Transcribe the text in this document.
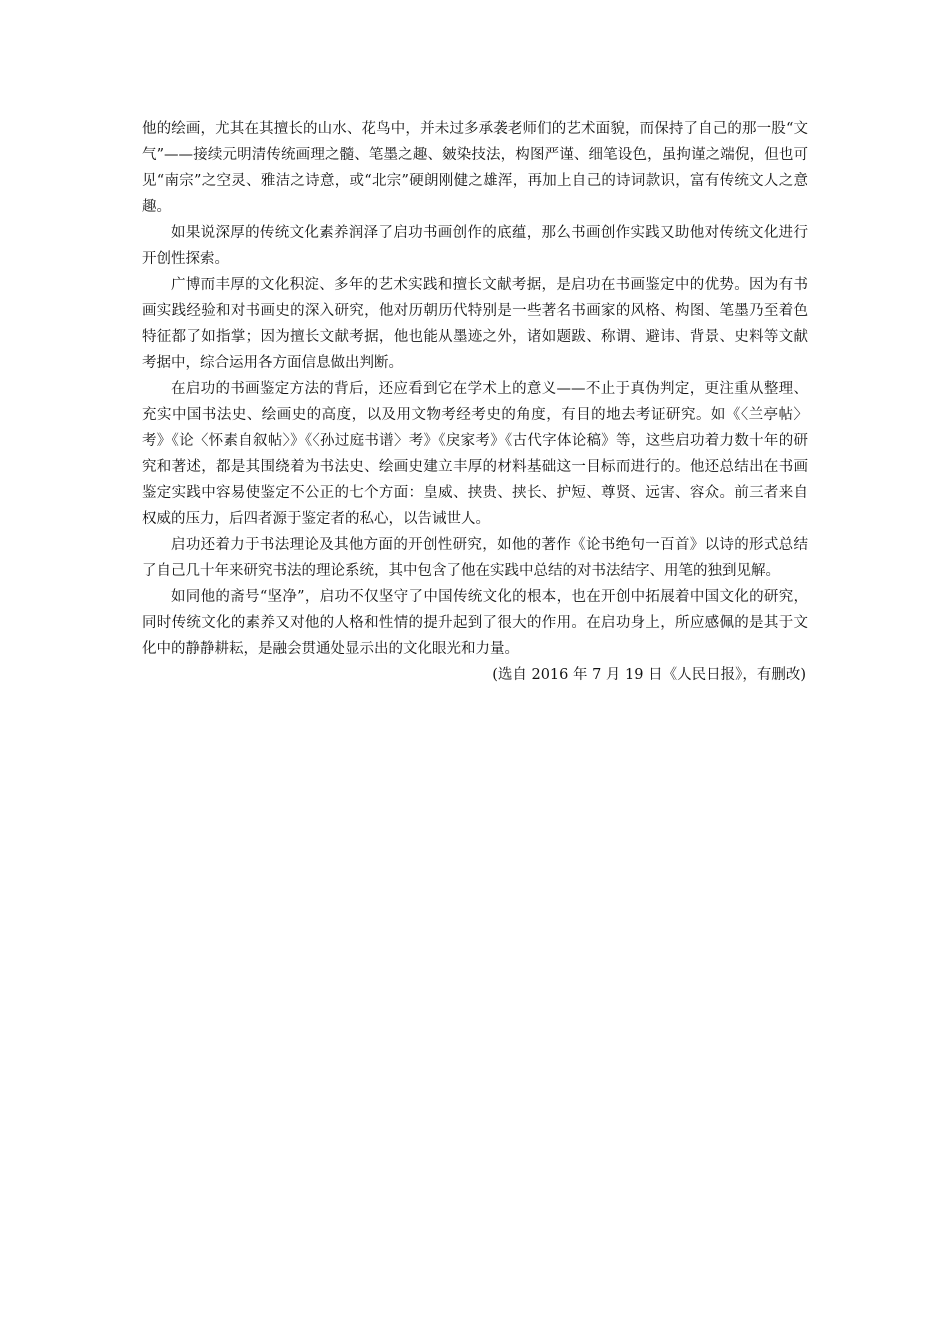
他的绘画，尤其在其擅长的山水、花鸟中，并未过多承袭老师们的艺术面貌，而保持了自己的那一股“文气”——接续元明清传统画理之髓、笔墨之趣、皴染技法，构图严谨、细笔设色，虽拘谨之端倪，但也可见“南宗”之空灵、雅洁之诗意，或“北宗”硬朗刚健之雄浑，再加上自己的诗词款识，富有传统文人之意趣。

如果说深厚的传统文化素养润泽了启功书画创作的底蕴，那么书画创作实践又助他对传统文化进行开创性探索。

广博而丰厚的文化积淀、多年的艺术实践和擅长文献考据，是启功在书画鉴定中的优势。因为有书画实践经验和对书画史的深入研究，他对历朝历代特别是一些著名书画家的风格、构图、笔墨乃至着色特征都了如指掌；因为擅长文献考据，他也能从墨迹之外，诸如题跋、称谓、避讳、背景、史料等文献考据中，综合运用各方面信息做出判断。

在启功的书画鉴定方法的背后，还应看到它在学术上的意义——不止于真伪判定，更注重从整理、充实中国书法史、绘画史的高度，以及用文物考经考史的角度，有目的地去考证研究。如《〈兰亭帖〉考》《论〈怀素自叙帖〉》《〈孙过庭书谱〉考》《戾家考》《古代字体论稿》等，这些启功着力数十年的研究和著述，都是其围绕着为书法史、绘画史建立丰厚的材料基础这一目标而进行的。他还总结出在书画鉴定实践中容易使鉴定不公正的七个方面：皇威、挟贵、挟长、护短、尊贤、远害、容众。前三者来自权威的压力，后四者源于鉴定者的私心，以告诫世人。

启功还着力于书法理论及其他方面的开创性研究，如他的著作《论书绝句一百首》以诗的形式总结了自己几十年来研究书法的理论系统，其中包含了他在实践中总结的对书法结字、用笔的独到见解。

如同他的斋号“坚净”，启功不仅坚守了中国传统文化的根本，也在开创中拓展着中国文化的研究，同时传统文化的素养又对他的人格和性情的提升起到了很大的作用。在启功身上，所应感佩的是其于文化中的静静耕耘，是融会贯通处显示出的文化眼光和力量。

(选自 2016 年 7 月 19 日《人民日报》，有删改)
